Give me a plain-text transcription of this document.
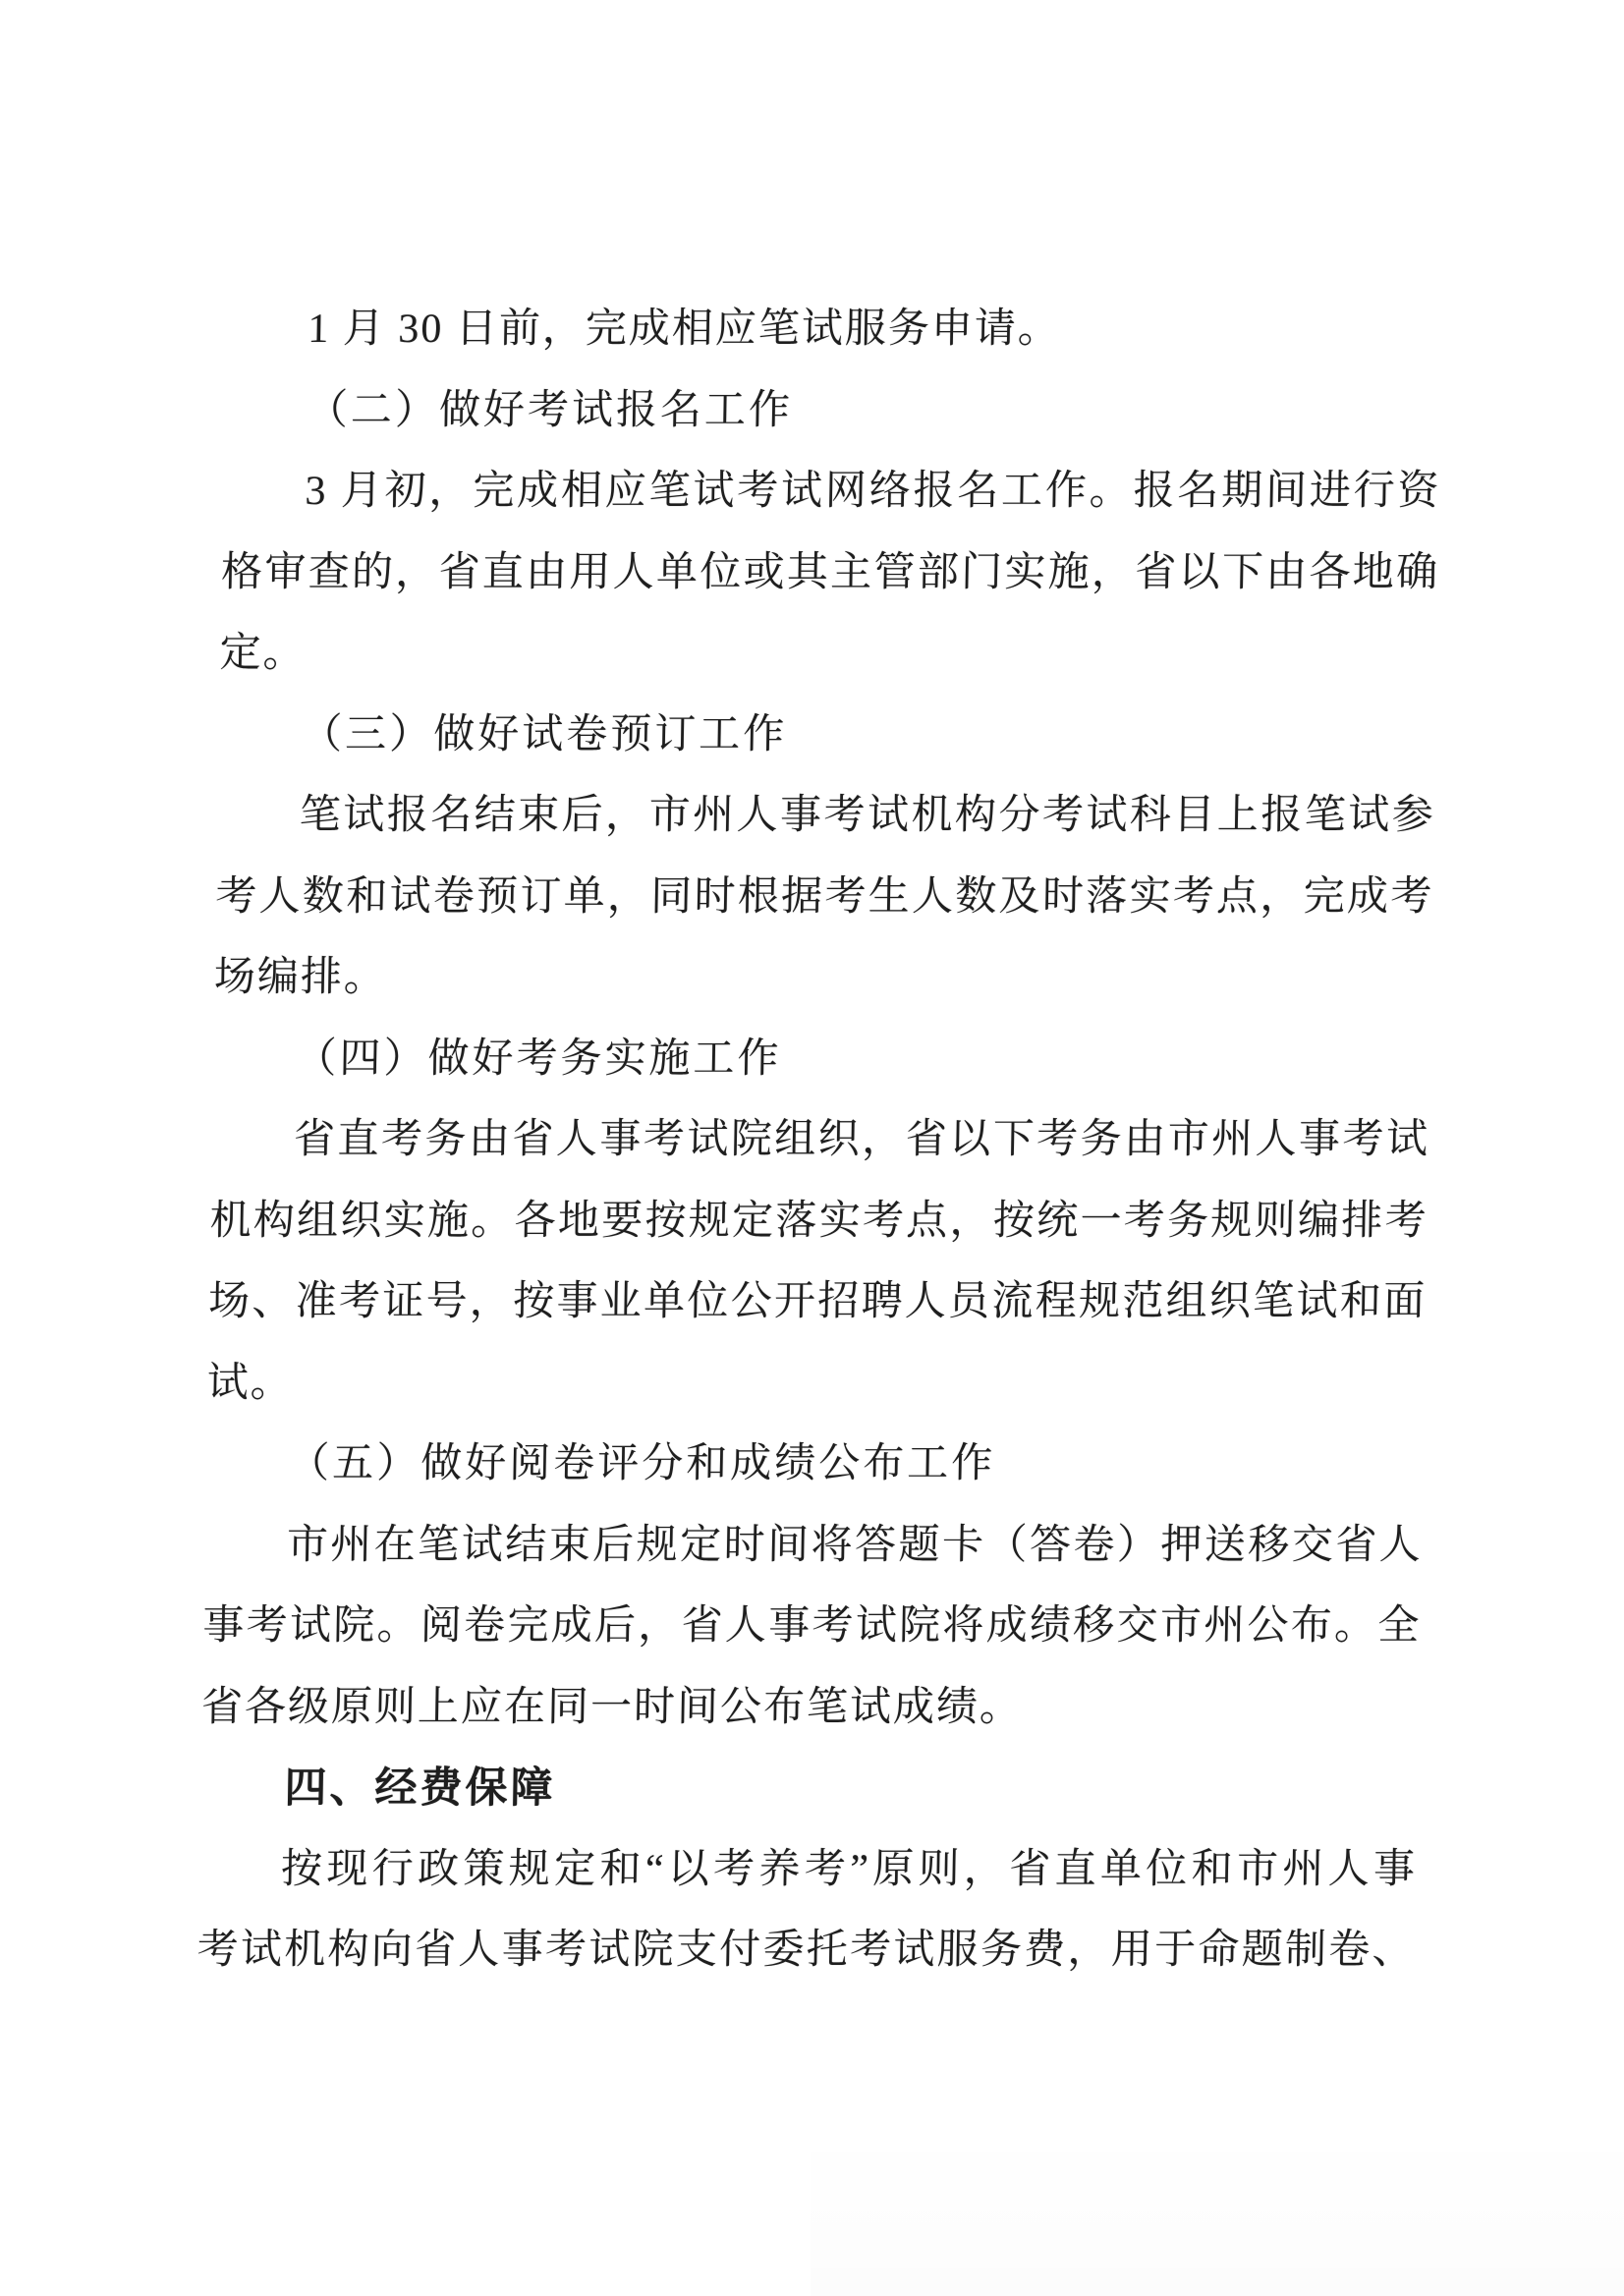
1 月 30 日前，完成相应笔试服务申请。
（二）做好考试报名工作
3 月初，完成相应笔试考试网络报名工作。报名期间进行资
格审查的，省直由用人单位或其主管部门实施，省以下由各地确
定。
（三）做好试卷预订工作
笔试报名结束后，市州人事考试机构分考试科目上报笔试参
考人数和试卷预订单，同时根据考生人数及时落实考点，完成考
场编排。
（四）做好考务实施工作
省直考务由省人事考试院组织，省以下考务由市州人事考试
机构组织实施。各地要按规定落实考点，按统一考务规则编排考
场、准考证号，按事业单位公开招聘人员流程规范组织笔试和面
试。
（五）做好阅卷评分和成绩公布工作
市州在笔试结束后规定时间将答题卡（答卷）押送移交省人
事考试院。阅卷完成后，省人事考试院将成绩移交市州公布。全
省各级原则上应在同一时间公布笔试成绩。
四、经费保障
按现行政策规定和“以考养考”原则，省直单位和市州人事
考试机构向省人事考试院支付委托考试服务费，用于命题制卷、
